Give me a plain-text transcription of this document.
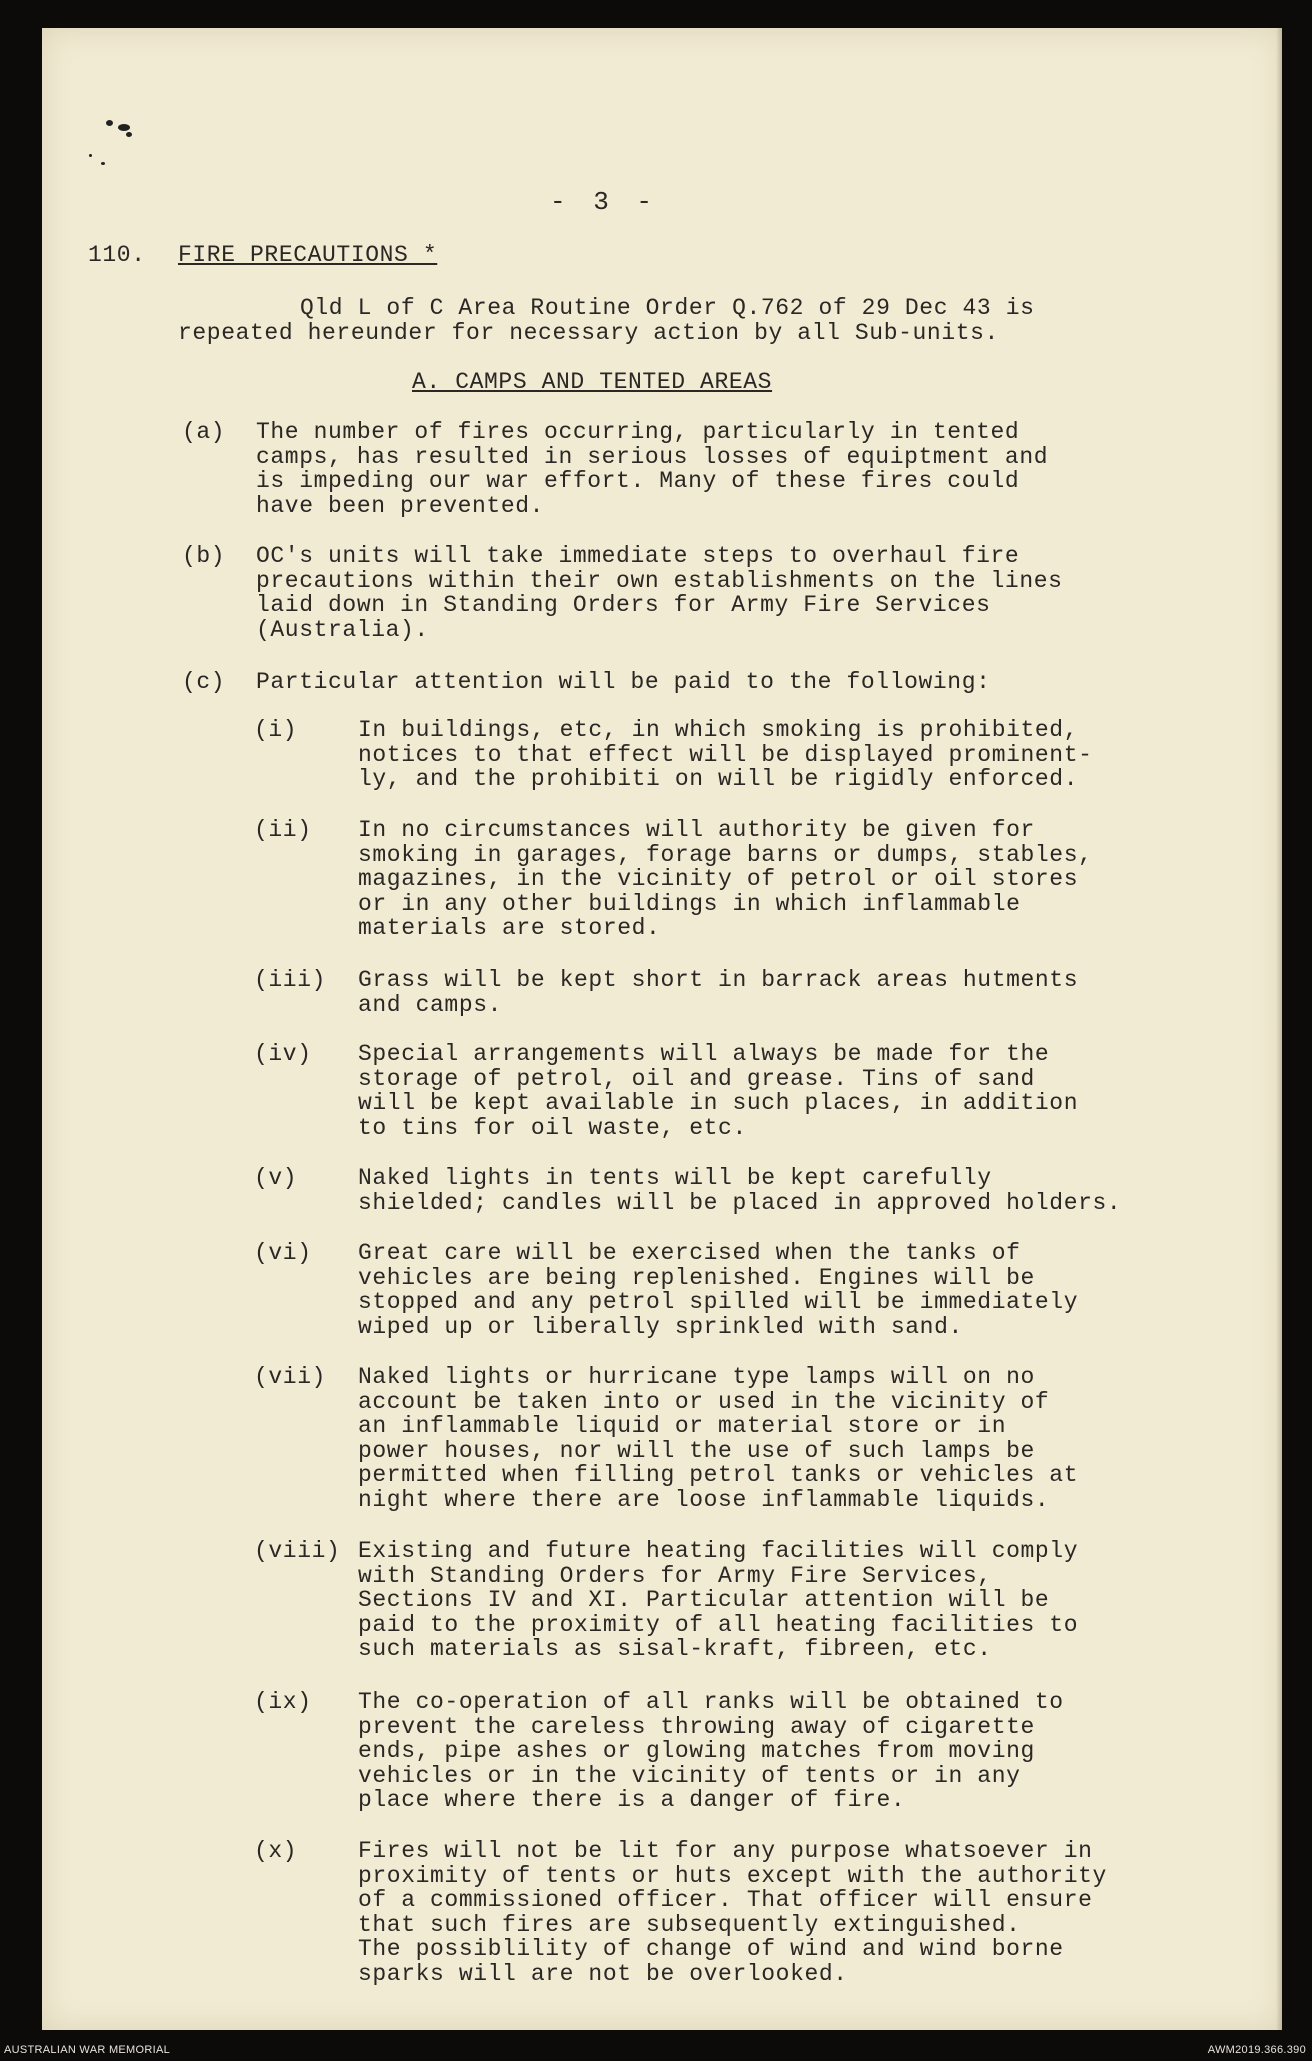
- 3 -
110. FIRE PRECAUTIONS *
Qld L of C Area Routine Order Q.762 of 29 Dec 43 is
repeated hereunder for necessary action by all Sub-units.
A. CAMPS AND TENTED AREAS
(a) The number of fires occurring, particularly in tented
camps, has resulted in serious losses of equiptment and
is impeding our war effort. Many of these fires could
have been prevented.
(b) OC's units will take immediate steps to overhaul fire
precautions within their own establishments on the lines
laid down in Standing Orders for Army Fire Services
(Australia).
(c) Particular attention will be paid to the following:
(i)	In buildings, etc, in which smoking is prohibited,
notices to that effect will be displayed prominent-
ly, and the prohibiti on will be rigidly enforced.
(ii) In no circumstances will authority be given for
smoking in garages, forage barns or dumps, stables,
magazines, in the vicinity of petrol or oil stores
or in any other buildings in which inflammable
materials are stored.
(iii) Grass will be kept short in barrack areas hutments
and camps.
(iv) Special arrangements will always be made for the
storage of petrol, oil and grease. Tins of sand
will be kept available in such places, in addition
to tins for oil waste, etc.
(v)	Naked lights in tents will be kept carefully
shielded; candles will be placed in approved holders.
(vi) Great care will be exercised when the tanks of
vehicles are being replenished. Engines will be
stopped and any petrol spilled will be immediately
wiped up or liberally sprinkled with sand.
(vii) Naked lights or hurricane type lamps will on no
account be taken into or used in the vicinity of
an inflammable liquid or material store or in
power houses, nor will the use of such lamps be
permitted when filling petrol tanks or vehicles at
night where there are loose inflammable liquids.
(viii) Existing and future heating facilities will comply
with Standing Orders for Army Fire Services,
Sections IV and XI. Particular attention will be
paid to the proximity of all heating facilities to
such materials as sisal-kraft, fibreen, etc.
(ix) The co-operation of all ranks will be obtained to
prevent the careless throwing away of cigarette
ends, pipe ashes or glowing matches from moving
vehicles or in the vicinity of tents or in any
place where there is a danger of fire.
(x)	Fires will not be lit for any purpose whatsoever in
proximity of tents or huts except with the authority
of a commissioned officer. That officer will ensure
that such fires are subsequently extinguished.
The possiblility of change of wind and wind borne
sparks will are not be overlooked.
AUSTRALIAN WAR MEMORIAL	AWM2019.366.390
